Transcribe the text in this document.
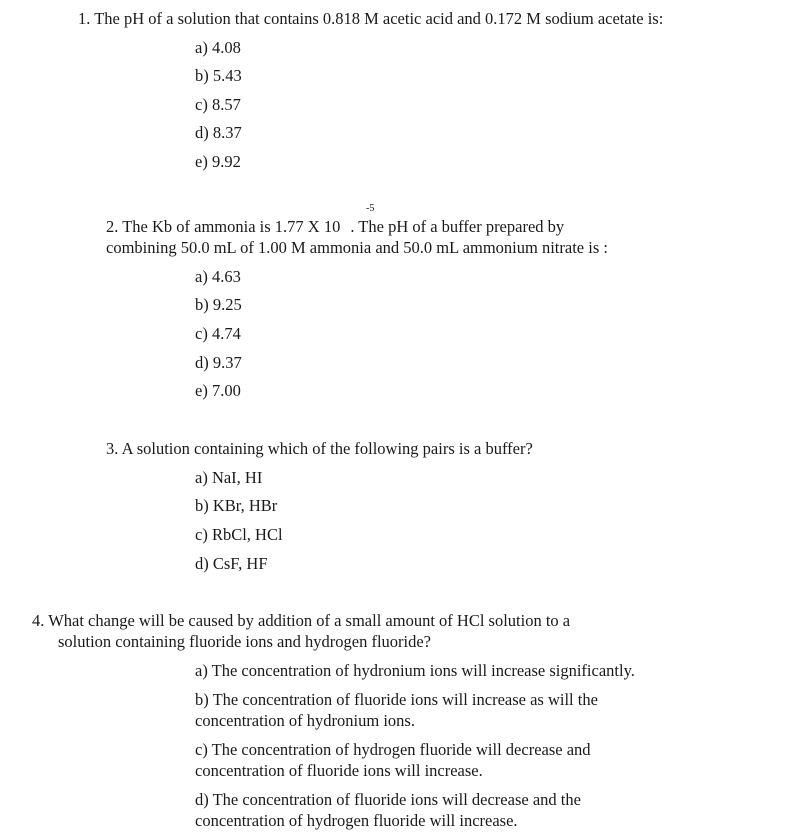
1. The pH of a solution that contains 0.818 M acetic acid and 0.172 M sodium acetate is:
a) 4.08
b) 5.43
c) 8.57
d) 8.37
e) 9.92
2. The Kb of ammonia is 1.77 X 10 . The pH of a buffer prepared by
-5
combining 50.0 mL of 1.00 M ammonia and 50.0 mL ammonium nitrate is :
a) 4.63
b) 9.25
c) 4.74
d) 9.37
e) 7.00
3. A solution containing which of the following pairs is a buffer?
a) NaI, HI
b) KBr, HBr
c) RbCl, HCl
d) CsF, HF
4. What change will be caused by addition of a small amount of HCl solution to a
solution containing fluoride ions and hydrogen fluoride?
a) The concentration of hydronium ions will increase significantly.
b) The concentration of fluoride ions will increase as will the
concentration of hydronium ions.
c) The concentration of hydrogen fluoride will decrease and
concentration of fluoride ions will increase.
d) The concentration of fluoride ions will decrease and the
concentration of hydrogen fluoride will increase.
